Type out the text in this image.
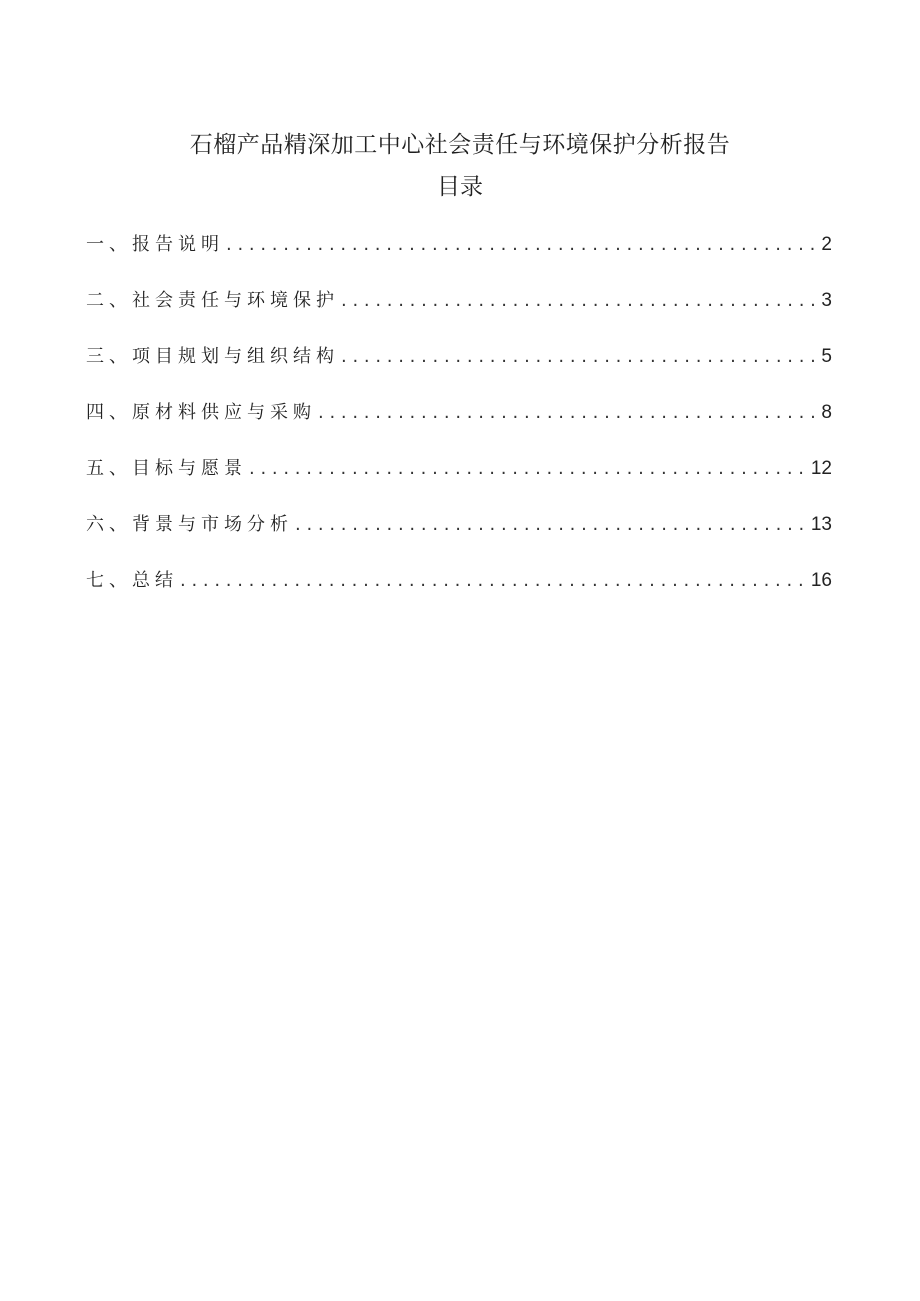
石榴产品精深加工中心社会责任与环境保护分析报告
目录
一、报告说明 . . .	2
二、社会责任与环境保护 . . .	3
三、项目规划与组织结构 . . .	5
四、原材料供应与采购 . . .	8
五、目标与愿景 . . .	12
六、背景与市场分析 . . .	13
七、总结 . . .	16
